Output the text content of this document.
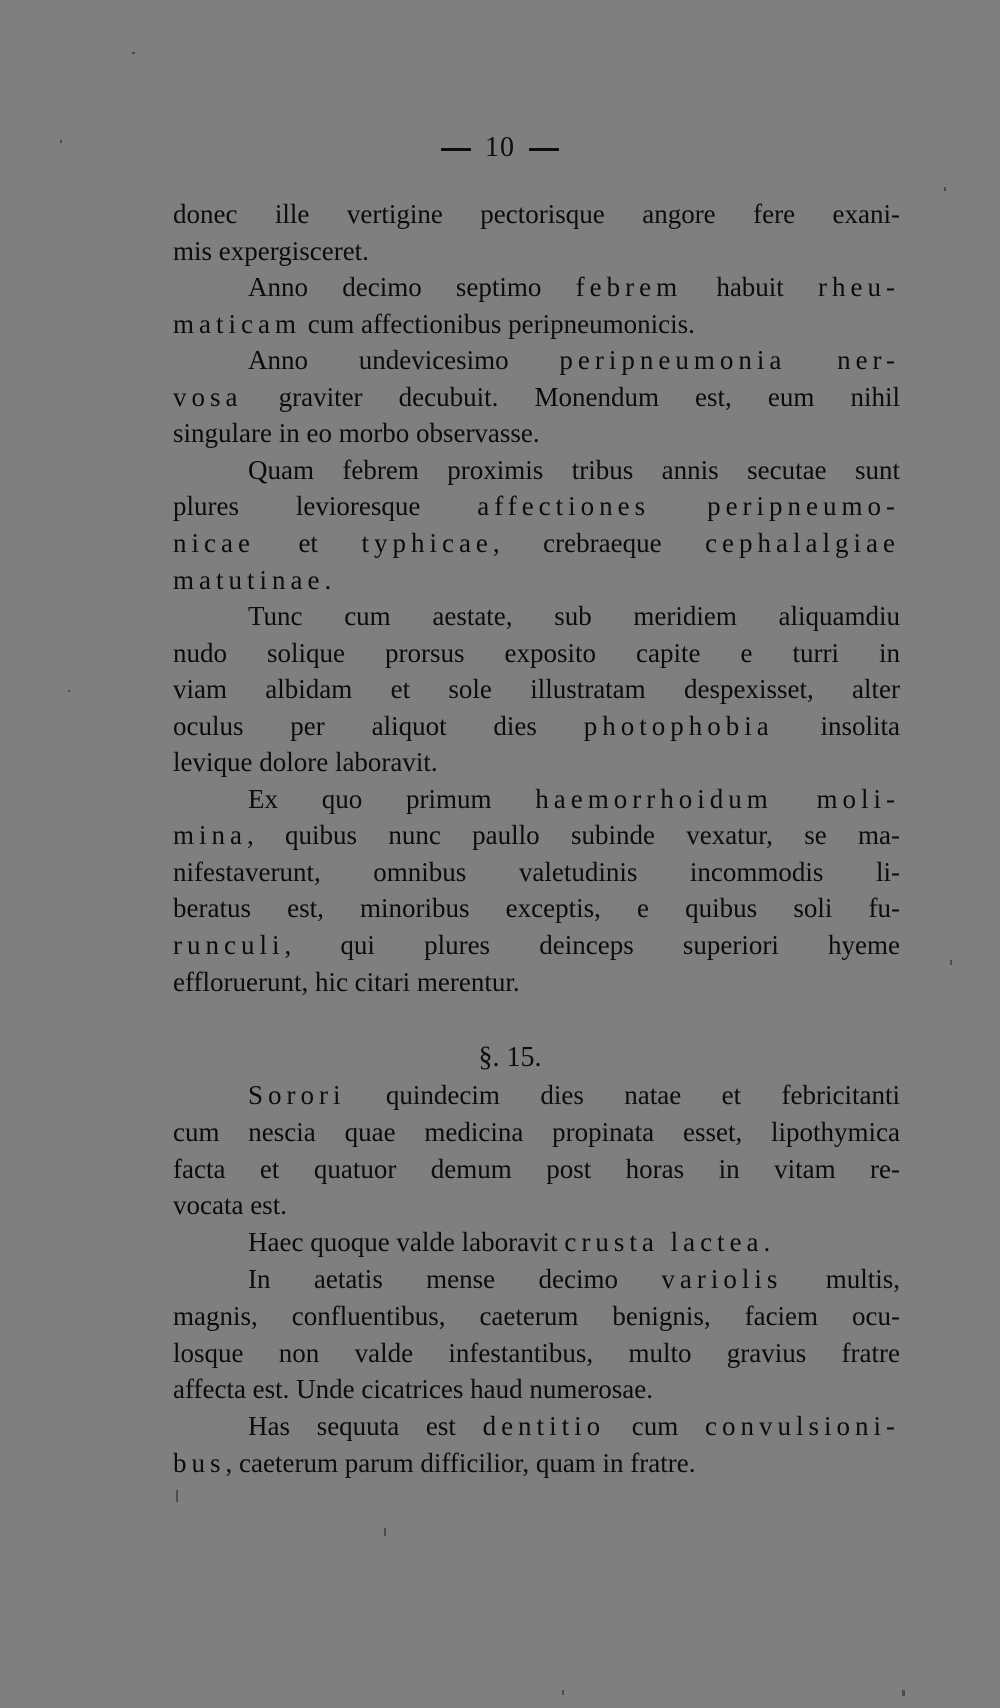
10
donec ille vertigine pectorisque angore fere exani-
mis expergisceret.
Anno decimo septimo febrem habuit rheu-
maticam cum affectionibus peripneumonicis.
Anno undevicesimo peripneumonia ner-
vosa graviter decubuit. Monendum est, eum nihil
singulare in eo morbo observasse.
Quam febrem proximis tribus annis secutae sunt
plures levioresque affectiones peripneumo-
nicae et typhicae, crebraeque cephalalgiae
matutinae.
Tunc cum aestate, sub meridiem aliquamdiu
nudo solique prorsus exposito capite e turri in
viam albidam et sole illustratam despexisset, alter
oculus per aliquot dies photophobia insolita
levique dolore laboravit.
Ex quo primum haemorrhoidum moli-
mina, quibus nunc paullo subinde vexatur, se ma-
nifestaverunt, omnibus valetudinis incommodis li-
beratus est, minoribus exceptis, e quibus soli fu-
runculi, qui plures deinceps superiori hyeme
effloruerunt, hic citari merentur.
§. 15.
Sorori quindecim dies natae et febricitanti
cum nescia quae medicina propinata esset, lipothymica
facta et quatuor demum post horas in vitam re-
vocata est.
Haec quoque valde laboravit crusta lactea.
In aetatis mense decimo variolis multis,
magnis, confluentibus, caeterum benignis, faciem ocu-
losque non valde infestantibus, multo gravius fratre
affecta est. Unde cicatrices haud numerosae.
Has sequuta est dentitio cum convulsioni-
bus, caeterum parum difficilior, quam in fratre.
